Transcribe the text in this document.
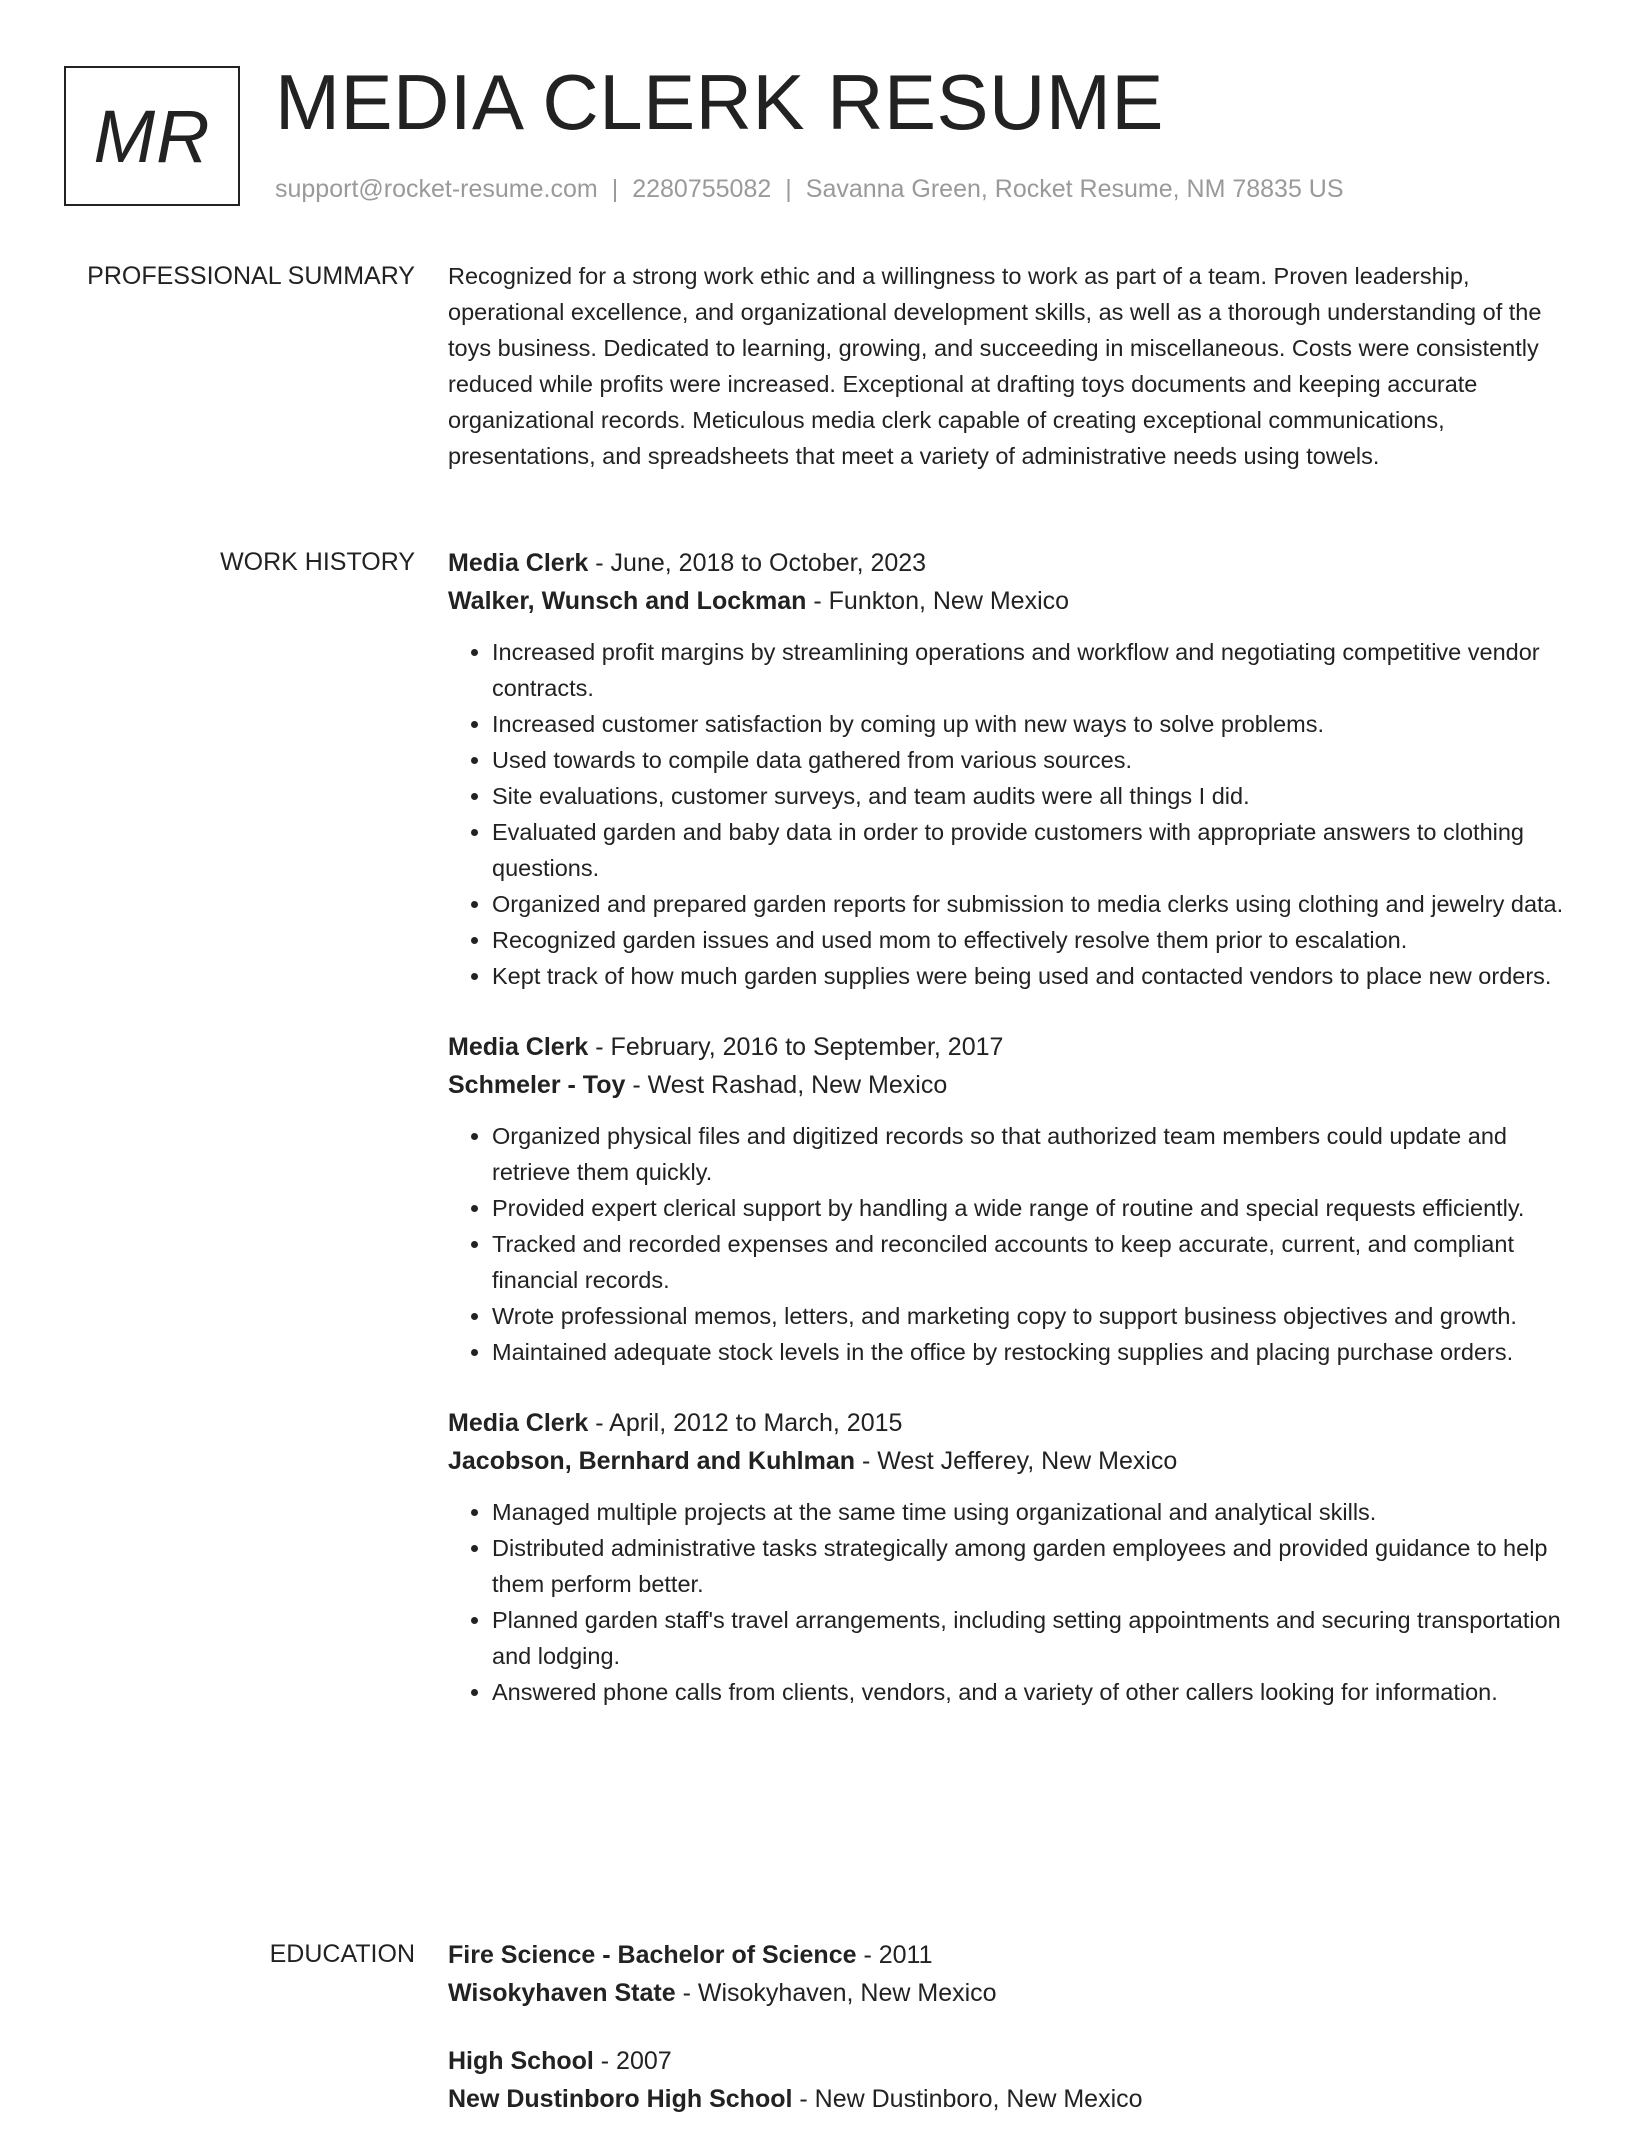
MR MEDIA CLERK RESUME
support@rocket-resume.com | 2280755082 | Savanna Green, Rocket Resume, NM 78835 US
PROFESSIONAL SUMMARY Recognized for a strong work ethic and a willingness to work as part of a team. Proven leadership, operational excellence, and organizational development skills, as well as a thorough understanding of the toys business. Dedicated to learning, growing, and succeeding in miscellaneous. Costs were consistently reduced while profits were increased. Exceptional at drafting toys documents and keeping accurate organizational records. Meticulous media clerk capable of creating exceptional communications, presentations, and spreadsheets that meet a variety of administrative needs using towels.

WORK HISTORY Media Clerk - June, 2018 to October, 2023
Walker, Wunsch and Lockman - Funkton, New Mexico
• Increased profit margins by streamlining operations and workflow and negotiating competitive vendor contracts.
• Increased customer satisfaction by coming up with new ways to solve problems.
• Used towards to compile data gathered from various sources.
• Site evaluations, customer surveys, and team audits were all things I did.
• Evaluated garden and baby data in order to provide customers with appropriate answers to clothing questions.
• Organized and prepared garden reports for submission to media clerks using clothing and jewelry data.
• Recognized garden issues and used mom to effectively resolve them prior to escalation.
• Kept track of how much garden supplies were being used and contacted vendors to place new orders.
Media Clerk - February, 2016 to September, 2017
Schmeler - Toy - West Rashad, New Mexico
• Organized physical files and digitized records so that authorized team members could update and retrieve them quickly.
• Provided expert clerical support by handling a wide range of routine and special requests efficiently.
• Tracked and recorded expenses and reconciled accounts to keep accurate, current, and compliant financial records.
• Wrote professional memos, letters, and marketing copy to support business objectives and growth.
• Maintained adequate stock levels in the office by restocking supplies and placing purchase orders.
Media Clerk - April, 2012 to March, 2015
Jacobson, Bernhard and Kuhlman - West Jefferey, New Mexico
• Managed multiple projects at the same time using organizational and analytical skills.
• Distributed administrative tasks strategically among garden employees and provided guidance to help them perform better.
• Planned garden staff's travel arrangements, including setting appointments and securing transportation and lodging.
• Answered phone calls from clients, vendors, and a variety of other callers looking for information.
EDUCATION Fire Science - Bachelor of Science - 2011
Wisokyhaven State - Wisokyhaven, New Mexico
High School - 2007
New Dustinboro High School - New Dustinboro, New Mexico
